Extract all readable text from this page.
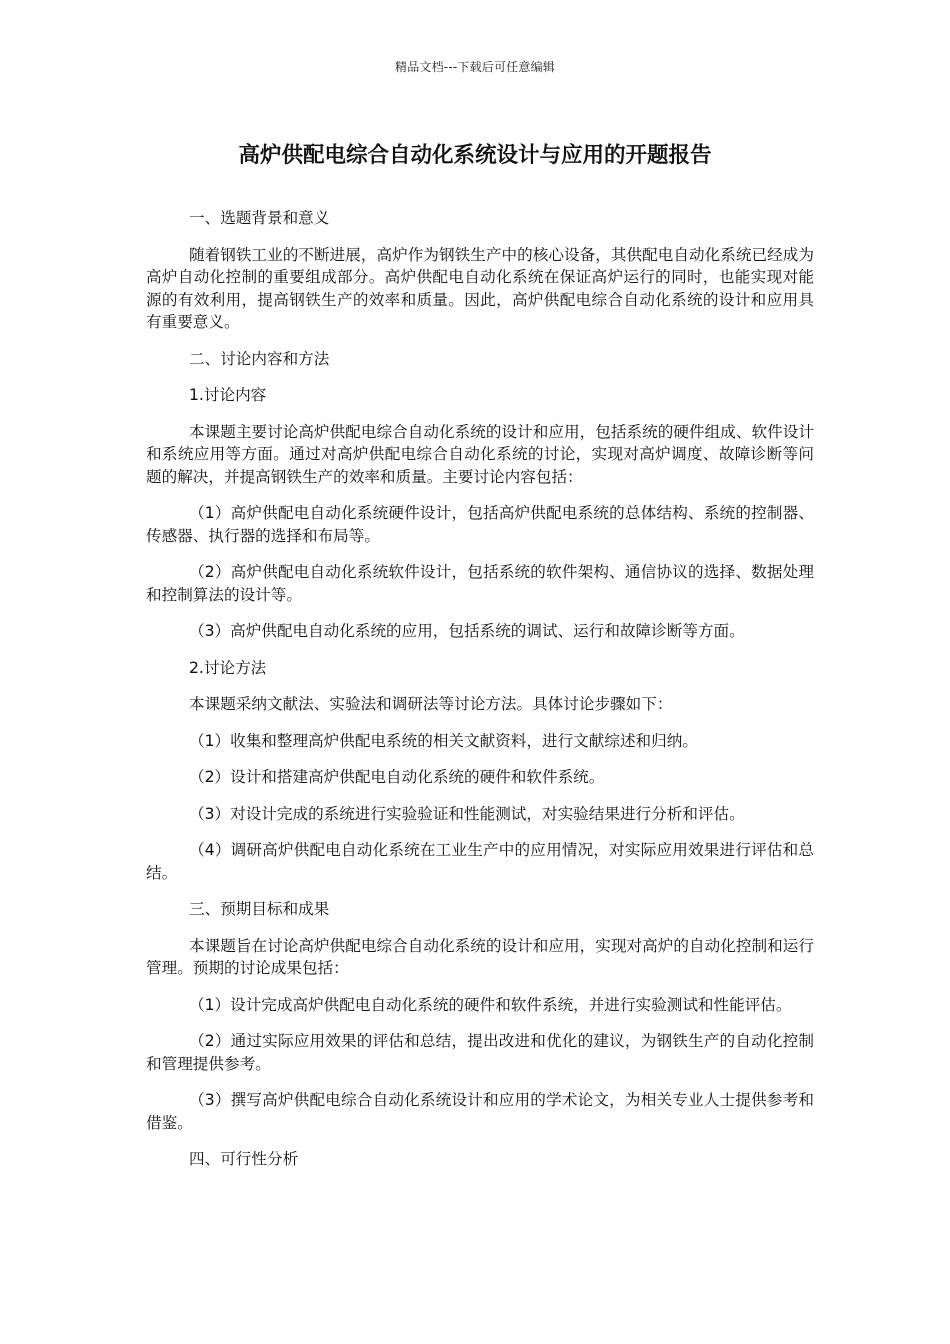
精品文档---下载后可任意编辑
高炉供配电综合自动化系统设计与应用的开题报告

一、选题背景和意义

随着钢铁工业的不断进展，高炉作为钢铁生产中的核心设备，其供配电自动化系统已经成为高炉自动化控制的重要组成部分。高炉供配电自动化系统在保证高炉运行的同时，也能实现对能源的有效利用，提高钢铁生产的效率和质量。因此，高炉供配电综合自动化系统的设计和应用具有重要意义。

二、讨论内容和方法

1.讨论内容

本课题主要讨论高炉供配电综合自动化系统的设计和应用，包括系统的硬件组成、软件设计和系统应用等方面。通过对高炉供配电综合自动化系统的讨论，实现对高炉调度、故障诊断等问题的解决，并提高钢铁生产的效率和质量。主要讨论内容包括：

（1）高炉供配电自动化系统硬件设计，包括高炉供配电系统的总体结构、系统的控制器、传感器、执行器的选择和布局等。

（2）高炉供配电自动化系统软件设计，包括系统的软件架构、通信协议的选择、数据处理和控制算法的设计等。

（3）高炉供配电自动化系统的应用，包括系统的调试、运行和故障诊断等方面。

2.讨论方法

本课题采纳文献法、实验法和调研法等讨论方法。具体讨论步骤如下：

（1）收集和整理高炉供配电系统的相关文献资料，进行文献综述和归纳。

（2）设计和搭建高炉供配电自动化系统的硬件和软件系统。

（3）对设计完成的系统进行实验验证和性能测试，对实验结果进行分析和评估。

（4）调研高炉供配电自动化系统在工业生产中的应用情况，对实际应用效果进行评估和总结。

三、预期目标和成果

本课题旨在讨论高炉供配电综合自动化系统的设计和应用，实现对高炉的自动化控制和运行管理。预期的讨论成果包括：

（1）设计完成高炉供配电自动化系统的硬件和软件系统，并进行实验测试和性能评估。

（2）通过实际应用效果的评估和总结，提出改进和优化的建议，为钢铁生产的自动化控制和管理提供参考。

（3）撰写高炉供配电综合自动化系统设计和应用的学术论文，为相关专业人士提供参考和借鉴。

四、可行性分析
